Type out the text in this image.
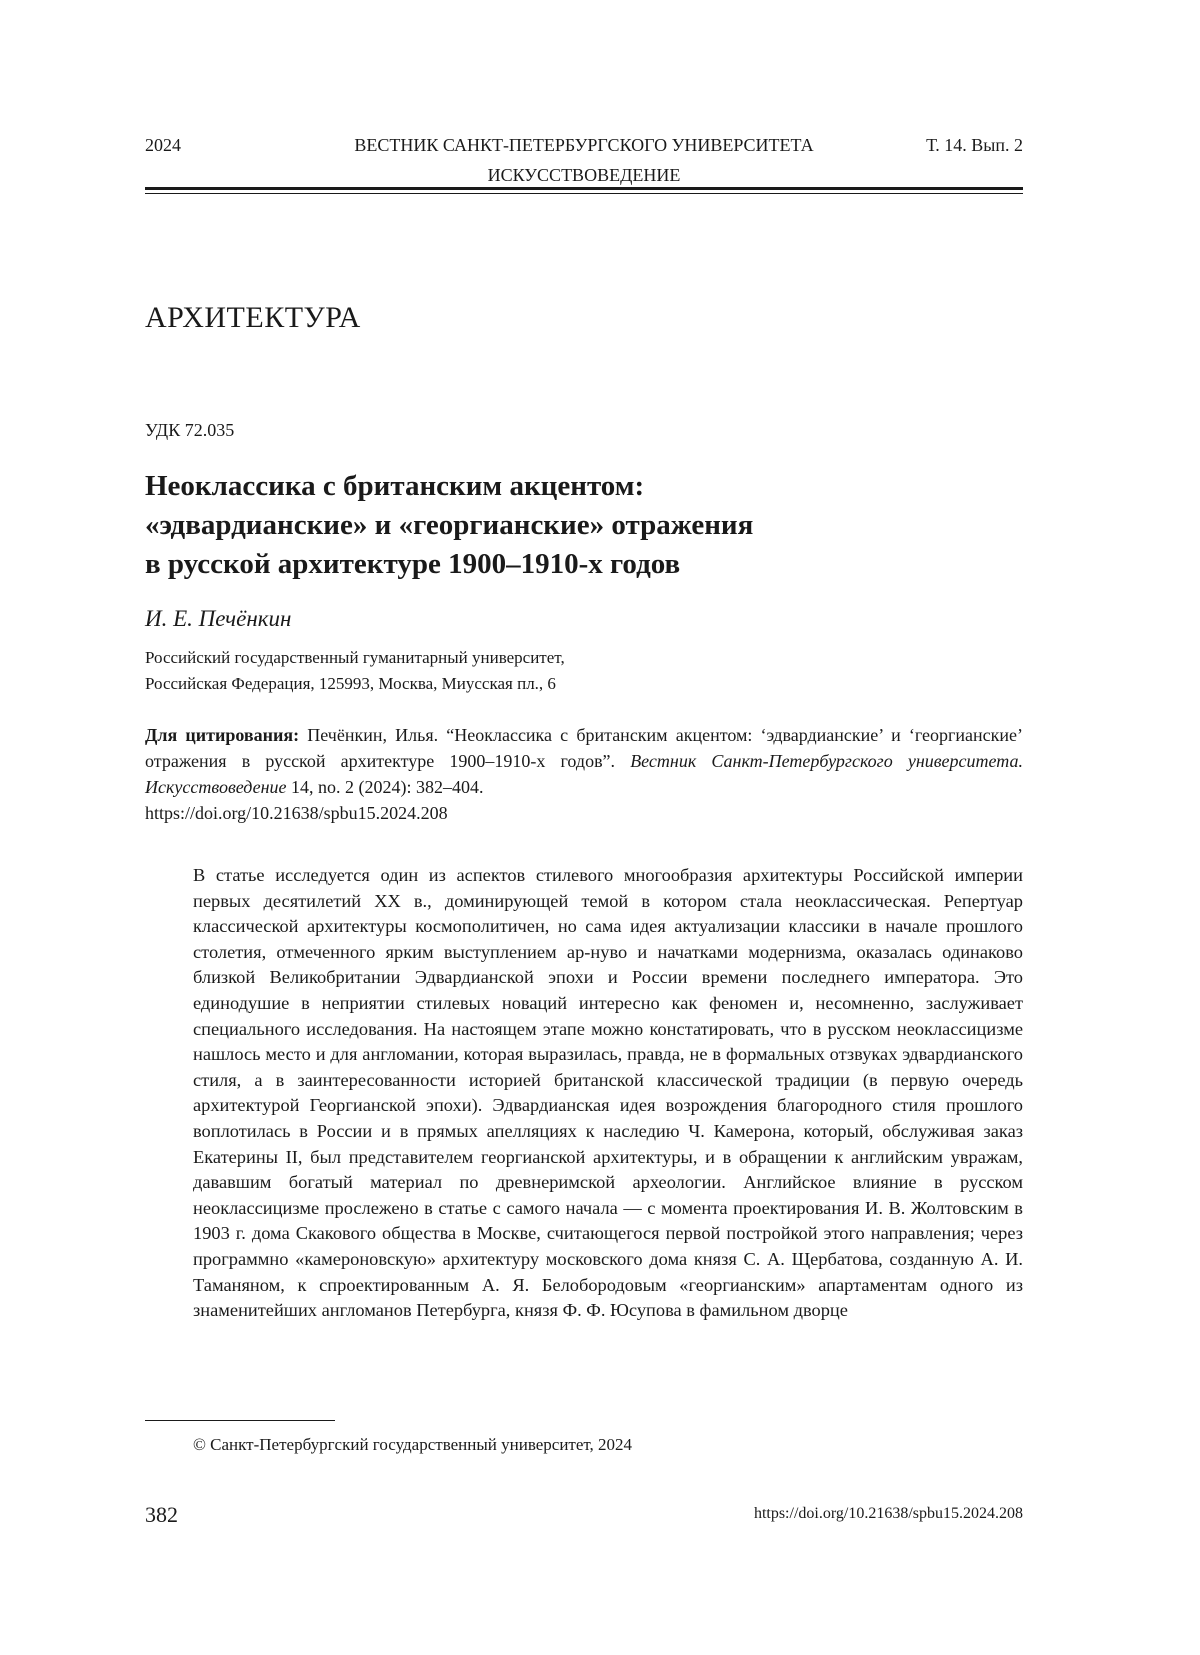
2024	ВЕСТНИК САНКТ-ПЕТЕРБУРГСКОГО УНИВЕРСИТЕТА
ИСКУССТВОВЕДЕНИЕ
Т. 14. Вып. 2
АРХИТЕКТУРА
УДК 72.035
Неоклассика с британским акцентом:
«эдвардианские» и «георгианские» отражения
в русской архитектуре 1900–1910-х годов
И. Е. Печёнкин
Российский государственный гуманитарный университет,
Российская Федерация, 125993, Москва, Миусская пл., 6

Для цитирования: Печёнкин, Илья. “Неоклассика с британским акцентом: ‘эдвардианские’ и ‘георгианские’ отражения в русской архитектуре 1900–1910-х годов”. Вестник Санкт-Петербургского университета. Искусствоведение 14, no. 2 (2024): 382–404.

https://doi.org/10.21638/spbu15.2024.208

В статье исследуется один из аспектов стилевого многообразия архитектуры Российской империи первых десятилетий XX в., доминирующей темой в котором стала неоклассическая. Репертуар классической архитектуры космополитичен, но сама идея актуализации классики в начале прошлого столетия, отмеченного ярким выступлением ар-нуво и начатками модернизма, оказалась одинаково близкой Великобритании Эдвардианской эпохи и России времени последнего императора. Это единодушие в неприятии стилевых новаций интересно как феномен и, несомненно, заслуживает специального исследования. На настоящем этапе можно констатировать, что в русском неоклассицизме нашлось место и для англомании, которая выразилась, правда, не в формальных отзвуках эдвардианского стиля, а в заинтересованности историей британской классической традиции (в первую очередь архитектурой Георгианской эпохи). Эдвардианская идея возрождения благородного стиля прошлого воплотилась в России и в прямых апелляциях к наследию Ч. Камерона, который, обслуживая заказ Екатерины II, был представителем георгианской архитектуры, и в обращении к английским увражам, дававшим богатый материал по древнеримской археологии. Английское влияние в русском неоклассицизме прослежено в статье с самого начала — с момента проектирования И. В. Жолтовским в 1903 г. дома Скакового общества в Москве, считающегося первой постройкой этого направления; через программно «камероновскую» архитектуру московского дома князя С. А. Щербатова, созданную А. И. Таманяном, к спроектированным А. Я. Белобородовым «георгианским» апартаментам одного из знаменитейших англоманов Петербурга, князя Ф. Ф. Юсупова в фамильном дворце

© Санкт-Петербургский государственный университет, 2024
382	https://doi.org/10.21638/spbu15.2024.208
